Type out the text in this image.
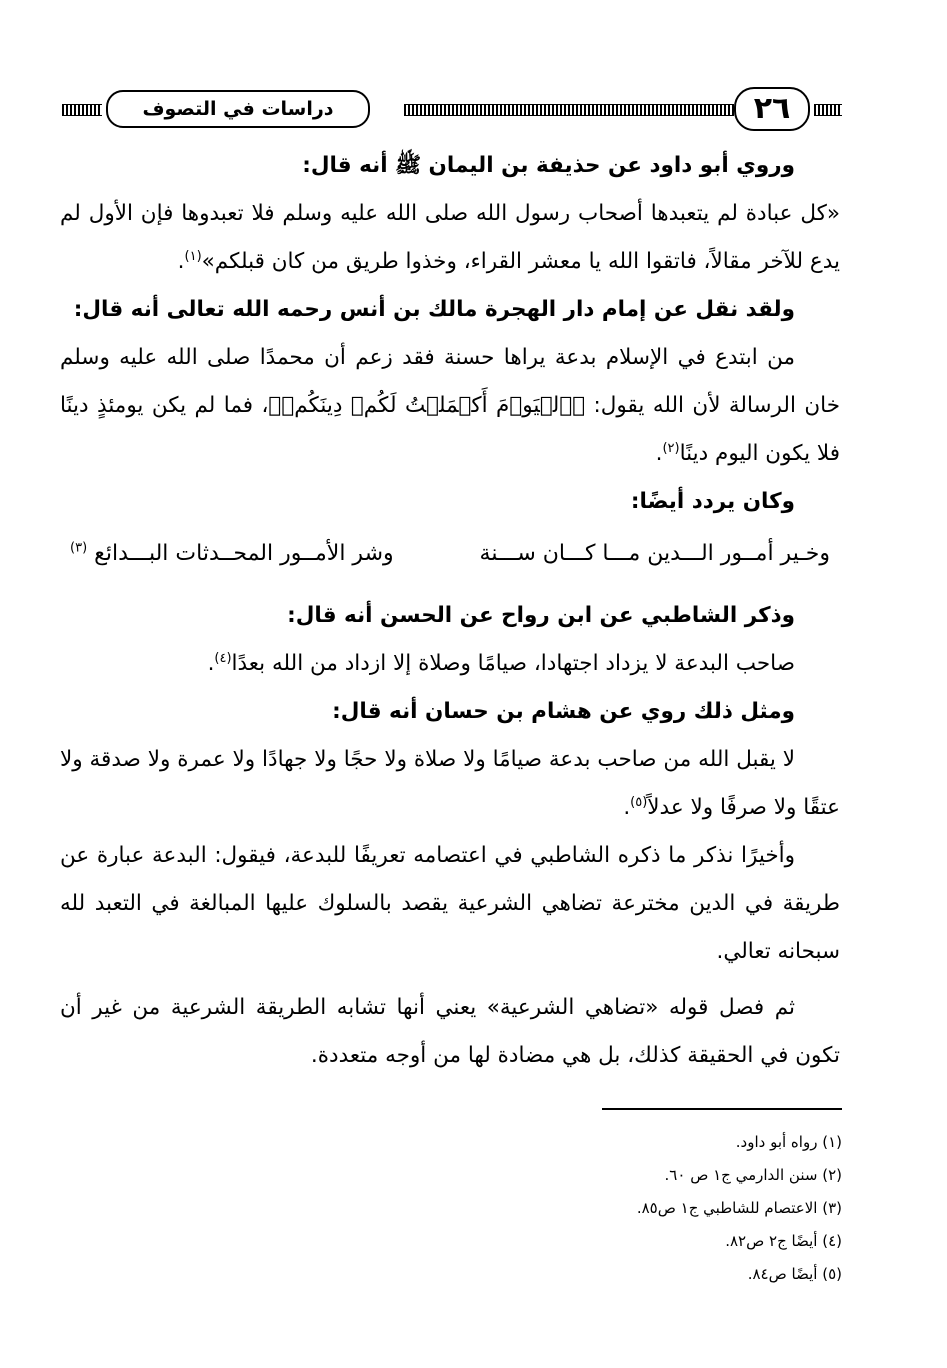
٢٦
دراسات في التصوف

وروي أبو داود عن حذيفة بن اليمان ﷺ أنه قال:

«كل عبادة لم يتعبدها أصحاب رسول الله صلى الله عليه وسلم فلا تعبدوها فإن الأول لم يدع للآخر مقالاً، فاتقوا الله يا معشر القراء، وخذوا طريق من كان قبلكم»$^{(١)}$.

ولقد نقل عن إمام دار الهجرة مالك بن أنس رحمه الله تعالى أنه قال:

من ابتدع في الإسلام بدعة يراها حسنة فقد زعم أن محمدًا صلى الله عليه وسلم خان الرسالة لأن الله يقول: ﴿ٱلۡيَوۡمَ أَكۡمَلۡتُ لَكُمۡ دِينَكُمۡ﴾، فما لم يكن يومئذٍ دينًا فلا يكون اليوم دينًا$^{(٢)}$.

وكان يردد أيضًا:

وخـير أمــور الـــدين مـــا كـــان ســـنة
وشر الأمــور المحــدثات البـــدائع $^{(٣)}$

وذكر الشاطبي عن ابن رواح عن الحسن أنه قال:

صاحب البدعة لا يزداد اجتهادا، صيامًا وصلاة إلا ازداد من الله بعدًا$^{(٤)}$.

ومثل ذلك روي عن هشام بن حسان أنه قال:

لا يقبل الله من صاحب بدعة صيامًا ولا صلاة ولا حجًا ولا جهادًا ولا عمرة ولا صدقة ولا عتقًا ولا صرفًا ولا عدلاً$^{(٥)}$.

وأخيرًا نذكر ما ذكره الشاطبي في اعتصامه تعريفًا للبدعة، فيقول: البدعة عبارة عن طريقة في الدين مخترعة تضاهي الشرعية يقصد بالسلوك عليها المبالغة في التعبد لله سبحانه تعالي.

ثم فصل قوله «تضاهي الشرعية» يعني أنها تشابه الطريقة الشرعية من غير أن تكون في الحقيقة كذلك، بل هي مضادة لها من أوجه متعددة.

(١) رواه أبو داود.

(٢) سنن الدارمي ج١ ص ٦٠.

(٣) الاعتصام للشاطبي ج١ ص٨٥.

(٤) أيضًا ج٢ ص٨٢.

(٥) أيضًا ص٨٤.
